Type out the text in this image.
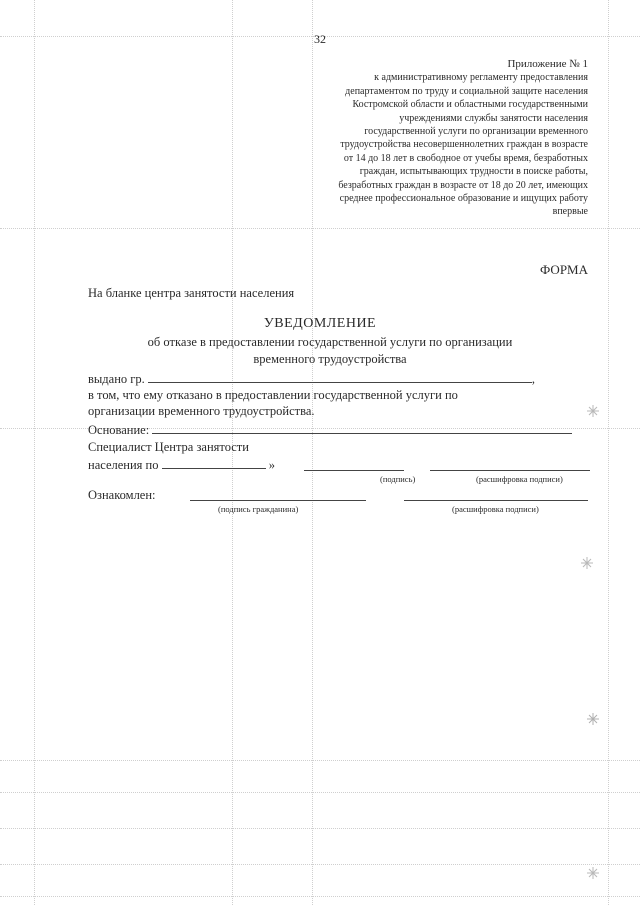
32
Приложение № 1
к административному регламенту предоставления
департаментом по труду и социальной защите населения
Костромской области и областными государственными
учреждениями службы занятости населения
государственной услуги по организации временного
трудоустройства несовершеннолетних граждан в возрасте
от 14 до 18 лет в свободное от учебы время, безработных
граждан, испытывающих трудности в поиске работы,
безработных граждан в возрасте от 18 до 20 лет, имеющих
среднее профессиональное образование и ищущих работу
впервые
ФОРМА
На бланке центра занятости населения
УВЕДОМЛЕНИЕ
об отказе в предоставлении государственной услуги по организации
временного трудоустройства
выдано гр.	,
в том, что ему отказано в предоставлении государственной услуги по
организации временного трудоустройства.
Основание:
Специалист Центра занятости
населения по	»
(подпись)	(расшифровка подписи)
Ознакомлен:
(подпись гражданина)	(расшифровка подписи)
